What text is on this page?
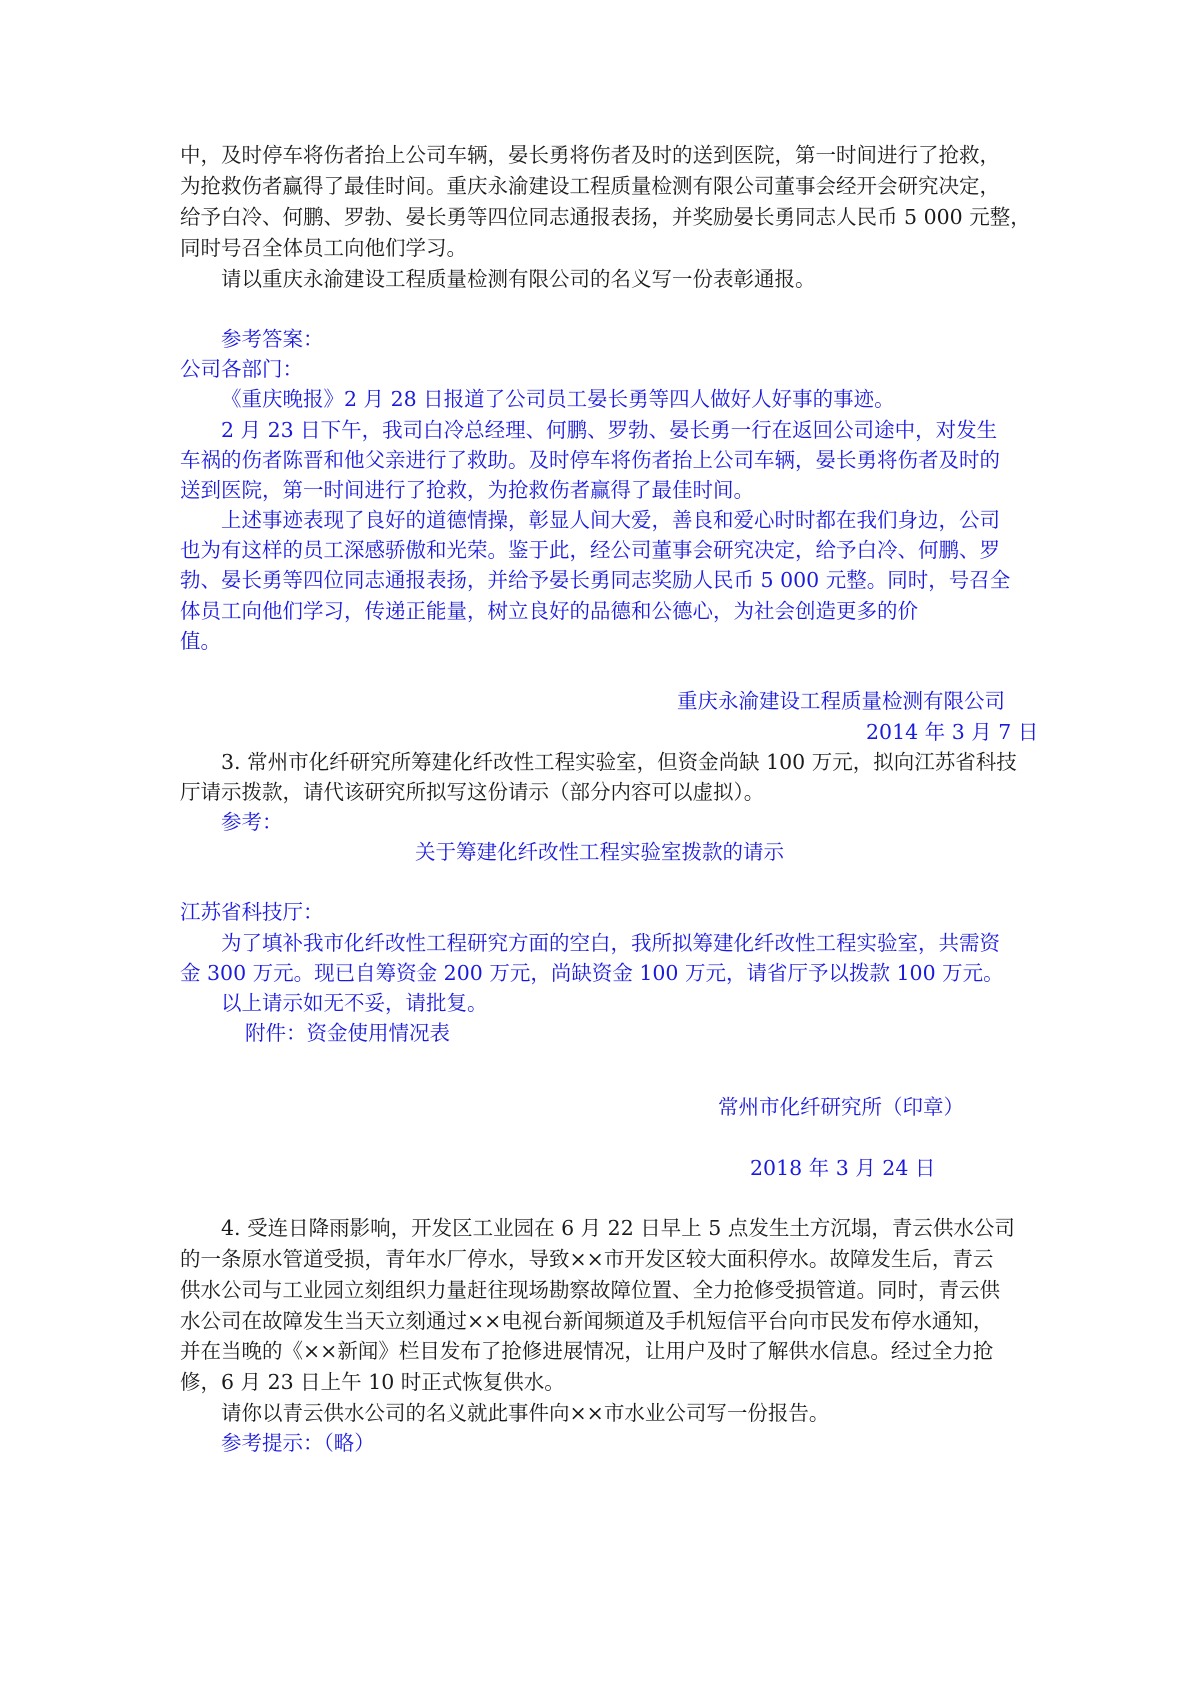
中，及时停车将伤者抬上公司车辆，晏长勇将伤者及时的送到医院，第一时间进行了抢救，
为抢救伤者赢得了最佳时间。重庆永渝建设工程质量检测有限公司董事会经开会研究决定，
给予白冷、何鹏、罗勃、晏长勇等四位同志通报表扬，并奖励晏长勇同志人民币 5 000 元整，
同时号召全体员工向他们学习。
请以重庆永渝建设工程质量检测有限公司的名义写一份表彰通报。
参考答案：
公司各部门：
《重庆晚报》2 月 28 日报道了公司员工晏长勇等四人做好人好事的事迹。
2 月 23 日下午，我司白冷总经理、何鹏、罗勃、晏长勇一行在返回公司途中，对发生
车祸的伤者陈晋和他父亲进行了救助。及时停车将伤者抬上公司车辆，晏长勇将伤者及时的
送到医院，第一时间进行了抢救，为抢救伤者赢得了最佳时间。
上述事迹表现了良好的道德情操，彰显人间大爱，善良和爱心时时都在我们身边，公司
也为有这样的员工深感骄傲和光荣。鉴于此，经公司董事会研究决定，给予白冷、何鹏、罗
勃、晏长勇等四位同志通报表扬，并给予晏长勇同志奖励人民币 5 000 元整。同时，号召全
体员工向他们学习，传递正能量，树立良好的品德和公德心，为社会创造更多的价
值。
重庆永渝建设工程质量检测有限公司
2014 年 3 月 7 日
3. 常州市化纤研究所筹建化纤改性工程实验室，但资金尚缺 100 万元，拟向江苏省科技
厅请示拨款，请代该研究所拟写这份请示（部分内容可以虚拟）。
参考：
关于筹建化纤改性工程实验室拨款的请示
江苏省科技厅：
为了填补我市化纤改性工程研究方面的空白，我所拟筹建化纤改性工程实验室，共需资
金 300 万元。现已自筹资金 200 万元，尚缺资金 100 万元，请省厅予以拨款 100 万元。
以上请示如无不妥，请批复。
附件：资金使用情况表
常州市化纤研究所（印章）
2018 年 3 月 24 日
4. 受连日降雨影响，开发区工业园在 6 月 22 日早上 5 点发生土方沉塌，青云供水公司
的一条原水管道受损，青年水厂停水，导致××市开发区较大面积停水。故障发生后，青云
供水公司与工业园立刻组织力量赶往现场勘察故障位置、全力抢修受损管道。同时，青云供
水公司在故障发生当天立刻通过××电视台新闻频道及手机短信平台向市民发布停水通知，
并在当晚的《××新闻》栏目发布了抢修进展情况，让用户及时了解供水信息。经过全力抢
修，6 月 23 日上午 10 时正式恢复供水。
请你以青云供水公司的名义就此事件向××市水业公司写一份报告。
参考提示：（略）
